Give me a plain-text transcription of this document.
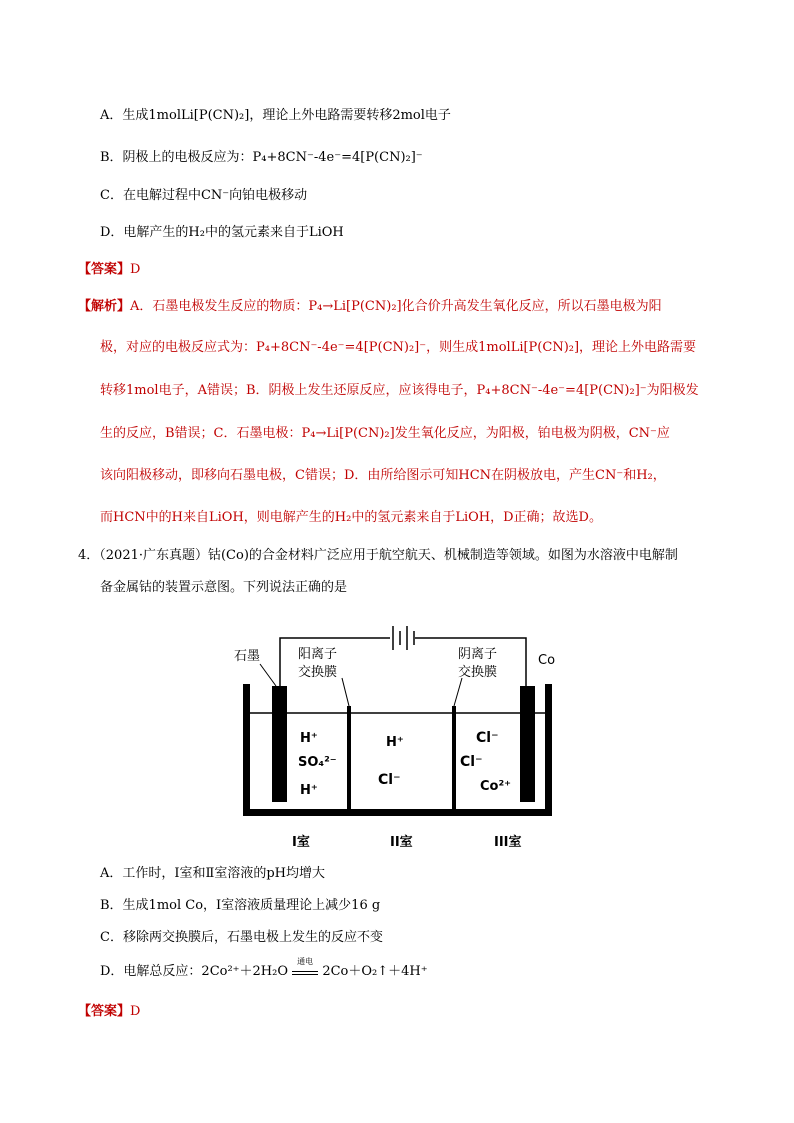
A．生成1molLi[P(CN)₂]，理论上外电路需要转移2mol电子
B．阴极上的电极反应为：P₄+8CN⁻-4e⁻=4[P(CN)₂]⁻
C．在电解过程中CN⁻向铂电极移动
D．电解产生的H₂中的氢元素来自于LiOH
【答案】D
【解析】A．石墨电极发生反应的物质：P₄→Li[P(CN)₂]化合价升高发生氧化反应，所以石墨电极为阳
极，对应的电极反应式为：P₄+8CN⁻-4e⁻=4[P(CN)₂]⁻，则生成1molLi[P(CN)₂]，理论上外电路需要
转移1mol电子，A错误；B．阴极上发生还原反应，应该得电子，P₄+8CN⁻-4e⁻=4[P(CN)₂]⁻为阳极发
生的反应，B错误；C．石墨电极：P₄→Li[P(CN)₂]发生氧化反应，为阳极，铂电极为阴极，CN⁻应
该向阳极移动，即移向石墨电极，C错误；D．由所给图示可知HCN在阴极放电，产生CN⁻和H₂，
而HCN中的H来自LiOH，则电解产生的H₂中的氢元素来自于LiOH，D正确；故选D。
4．（2021·广东真题）钴(Co)的合金材料广泛应用于航空航天、机械制造等领域。如图为水溶液中电解制
备金属钴的装置示意图。下列说法正确的是
石墨	阳离子
交换膜
阴离子
交换膜
Co
H⁺
SO₄²⁻
H⁺
H⁺
Cl⁻
Cl⁻
Cl⁻
Co²⁺
I室	II室	III室
A．工作时，Ⅰ室和Ⅱ室溶液的pH均增大
B．生成1mol Co，Ⅰ室溶液质量理论上减少16 g
C．移除两交换膜后，石墨电极上发生的反应不变
D．电解总反应：2Co²⁺＋2H₂O
通电
2Co＋O₂↑＋4H⁺
【答案】D
